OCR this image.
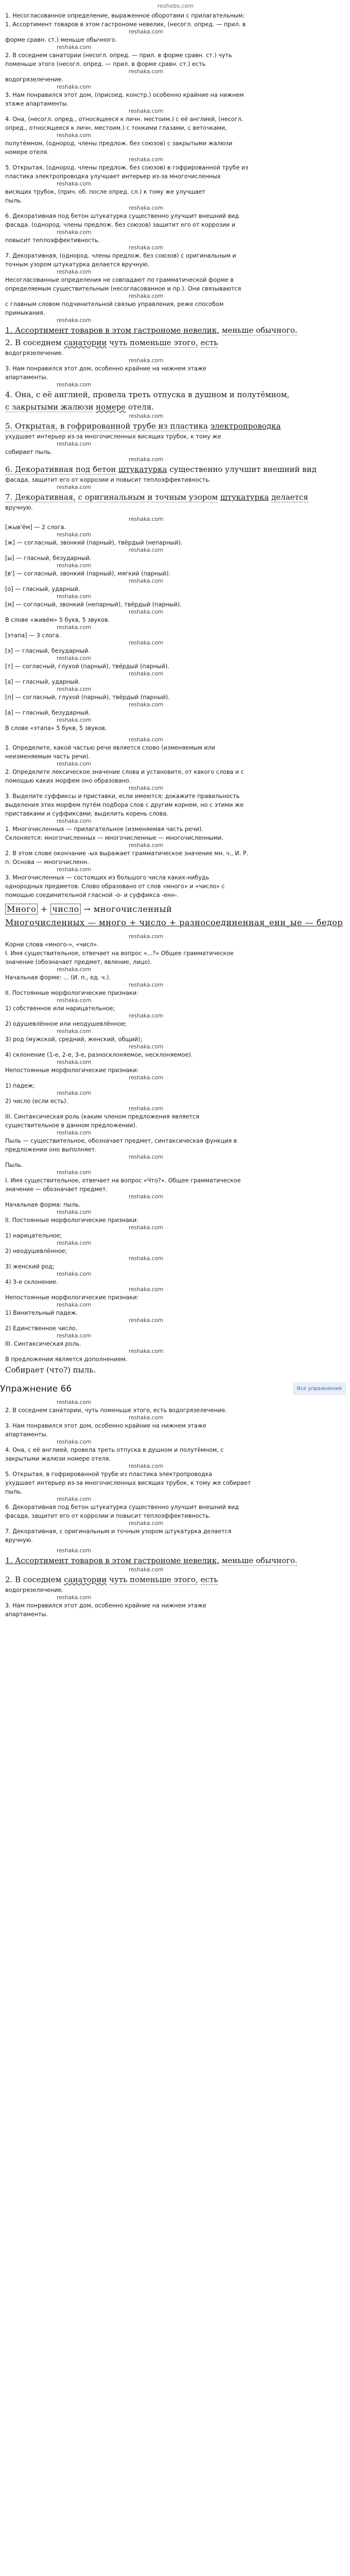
reshebs.com

1. Несогласованное определение, выраженное оборотами с прилагательным:

1. Ассортимент товаров в этом гастрономе невелик, (несогл. опред. — прил. в

reshaka.com

форме сравн. ст.) меньше обычного.

reshaka.com

2. В соседнем санатории (несогл. опред. — прил. в форме сравн. ст.) чуть

поменьше этого (несогл. опред. — прил. в форме сравн. ст.) есть

reshaka.com

водогрязелечение.

reshaka.com

3. Нам понравился этот дом, (присоед. констр.) особенно крайние на нижнем

этаже апартаменты.

reshaka.com

4. Она, (несогл. опред., относящееся к личн. местоим.) с её англией, (несогл.

опред., относящееся к личн. местоим.) с тонкими глазами, с веточками,

reshaka.com

полутёмном, (однород. члены предлож. без союзов) с закрытыми жалюзи

номере отеля.

reshaka.com

5. Открытая, (однород. члены предлож. без союзов) в гофрированной трубе из

пластика электропроводка улучшает интерьер из-за многочисленных

reshaka.com

висящих трубок, (прич. об. после опред. сл.) к тому же улучшает

пыль.

reshaka.com

6. Декоративная под бетон штукатурка существенно улучшит внешний вид

фасада. (однород. члены предлож. без союзов) защитит его от коррозии и

reshaka.com

повысит теплоэффективность.

reshaka.com

7. Декоративная, (однород. члены предлож. без союзов) с оригинальным и

точным узором штукатурка делается вручную.

reshaka.com

Несогласованные определения не совпадают по грамматической форме в

определяемым существительным (несогласованное и пр.). Они связываются

reshaka.com

с главным словом подчинительной связью управления, реже способом

примыкания.

reshaka.com

1. Ассортимент товаров в этом гастрономе невелик, меньше обычного.

2. В соседнем санатории чуть поменьше этого, есть

водогрязелечение.

reshaka.com

3. Нам понравился этот дом, особенно крайние на нижнем этаже

апартаменты.

reshaka.com

4. Она, с её англией, провела треть отпуска в душном и полутёмном,

с закрытыми жалюзи номере отеля.

reshaka.com

5. Открытая, в гофрированной трубе из пластика электропроводка

ухудшает интерьер из-за многочисленных висящих трубок, к тому же

reshaka.com

собирает пыль.

reshaka.com

6. Декоративная под бетон штукатурка существенно улучшит внешний вид

фасада, защитит его от коррозии и повысит теплоэффективность.

reshaka.com

7. Декоративная, с оригинальным и точным узором штукатурка делается

вручную.

reshaka.com

[жыв'ём] — 2 слога.

reshaka.com

[ж] — согласный, звонкий (парный), твёрдый (непарный).

reshaka.com

[ы] — гласный, безударный.

reshaka.com

[в'] — согласный, звонкий (парный), мягкий (парный).

reshaka.com

[о] — гласный, ударный.

reshaka.com

[м] — согласный, звонкий (непарный), твёрдый (парный).

reshaka.com

В слове «живём» 5 букв, 5 звуков.

reshaka.com

[этапа] — 3 слога.

reshaka.com

[э] — гласный, безударный.

reshaka.com

[т] — согласный, глухой (парный), твёрдый (парный).

reshaka.com

[а] — гласный, ударный.

reshaka.com

[п] — согласный, глухой (парный), твёрдый (парный).

reshaka.com

[а] — гласный, безударный.

reshaka.com

В слове «этапа» 5 букв, 5 звуков.

reshaka.com

1. Определите, какой частью речи является слово (изменяемым или

неизменяемым часть речи).

reshaka.com

2. Определите лексическое значение слова и установите, от какого слова и с

помощью каких морфем оно образовано.

reshaka.com

3. Выделите суффиксы и приставки, если имеются; докажите правильность

выделения этих морфем путём подбора слов с другим корнем, но с этими же

приставками и суффиксами; выделить корень слова.

reshaka.com

1. Многочисленных — прилагательное (изменяемая часть речи).

Склоняется: многочисленных — многочисленные — многочисленными.

reshaka.com

2. В этом слове окончание -ых выражает грамматическое значение мн. ч., И. Р.

п. Основа — многочисленн.

reshaka.com

3. Многочисленных — состоящих из большого числа каких-нибудь

однородных предметов. Слово образовано от слов «много» и «число» с

помощью соединительной гласной -о- и суффикса -енн-.

Много + число → многочисленный

Многочисленных — много + число + разносоединенная_енн_ые — бедор

reshaka.com

Корни слова «много-», «числ».

I. Имя существительное, отвечает на вопрос «...?» Общее грамматическое

значение (обозначает предмет, явление, лицо).

reshaka.com

Начальная форме: ... (И. п., ед. ч.).

reshaka.com

II. Постоянные морфологические признаки:

reshaka.com

1) собственное или нарицательное;

reshaka.com

2) одушевлённое или неодушевлённое;

reshaka.com

3) род (мужской, средний, женский, общий);

reshaka.com

4) склонение (1-е, 2-е, 3-е, разносклоняемое, несклоняемое).

reshaka.com

Непостоянные морфологические признаки:

reshaka.com

1) падеж;

reshaka.com

2) число (если есть).

reshaka.com

III. Синтаксическая роль (каким членом предложения является

существительное в данном предложении).

reshaka.com

Пыль — существительное, обозначает предмет, синтаксическая функция в

предложении оно выполняет.

reshaka.com

Пыль.

reshaka.com

I. Имя существительное, отвечает на вопрос «Что?». Общее грамматическое

значение — обозначает предмет.

reshaka.com

Начальная форма: пыль.

reshaka.com

II. Постоянные морфологические признаки:

reshaka.com

1) нарицательное;

reshaka.com

2) неодушевлённое;

reshaka.com

3) женский род;

reshaka.com

4) 3-е склонение.

reshaka.com

Непостоянные морфологические признаки:

reshaka.com

1) Винительный падеж.

reshaka.com

2) Единственное число.

reshaka.com

III. Синтаксическая роль.

reshaka.com

В предложении является дополнением.

Собирает (что?) пыль.

Упражнение 66	Все упражнения
reshaka.com

2. В соседнем санатории, чуть поменьше этого, есть водогрязелечение.

reshaka.com

3. Нам понравился этот дом, особенно крайние на нижнем этаже

апартаменты.

reshaka.com

4. Она, с её англией, провела треть отпуска в душном и полутёмном, с

закрытыми жалюзи номере отеля.

reshaka.com

5. Открытая, в гофрированной трубе из пластика электропроводка

ухудшает интерьер из-за многочисленных висящих трубок, к тому же собирает

пыль.

reshaka.com

6. Декоративная под бетон штукатурка существенно улучшит внешний вид

фасада, защитит его от коррозии и повысит теплоэффективность.

reshaka.com

7. Декоративная, с оригинальным и точным узором штукатурка делается

вручную.

reshaka.com

1. Ассортимент товаров в этом гастрономе невелик, меньше обычного.

reshaka.com

2. В соседнем санатории чуть поменьше этого, есть

водогрязелечение.

reshaka.com

3. Нам понравился этот дом, особенно крайние на нижнем этаже

апартаменты.
